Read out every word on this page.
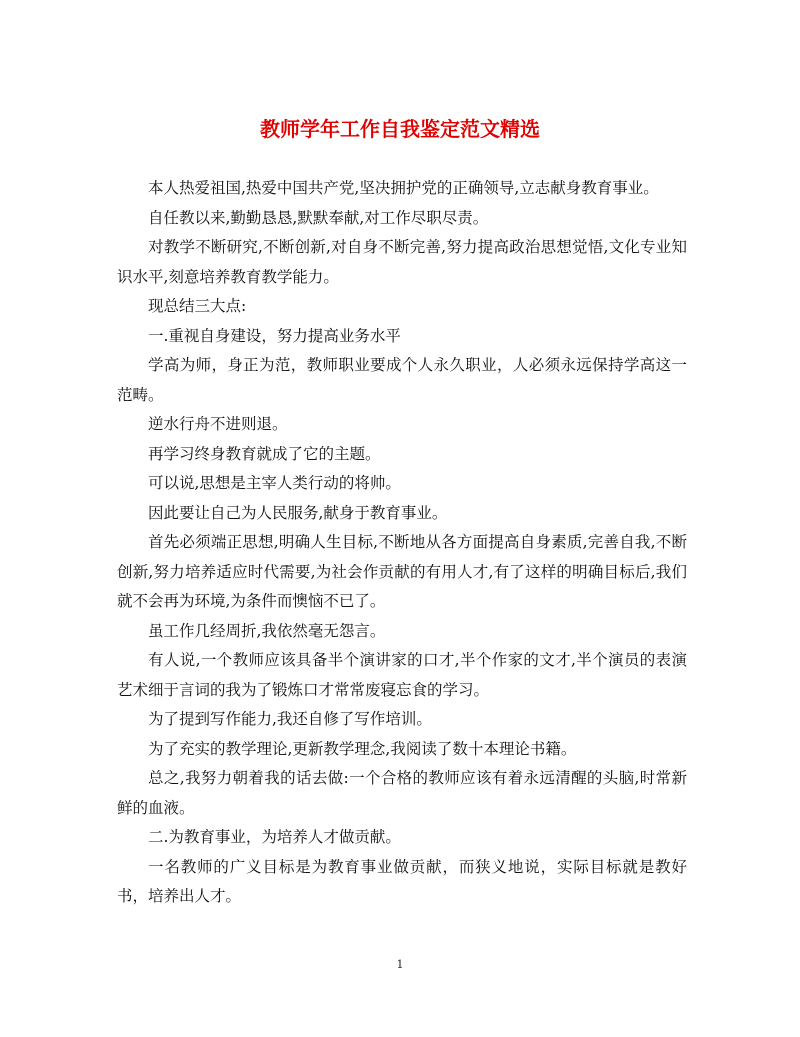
教师学年工作自我鉴定范文精选

本人热爱祖国,热爱中国共产党,坚决拥护党的正确领导,立志献身教育事业。

自任教以来,勤勤恳恳,默默奉献,对工作尽职尽责。

对教学不断研究,不断创新,对自身不断完善,努力提高政治思想觉悟,文化专业知识水平,刻意培养教育教学能力。

现总结三大点:

一.重视自身建设，努力提高业务水平

学高为师，身正为范，教师职业要成个人永久职业，人必须永远保持学高这一范畴。

逆水行舟不进则退。

再学习终身教育就成了它的主题。

可以说,思想是主宰人类行动的将帅。

因此要让自己为人民服务,献身于教育事业。

首先必须端正思想,明确人生目标,不断地从各方面提高自身素质,完善自我,不断创新,努力培养适应时代需要,为社会作贡献的有用人才,有了这样的明确目标后,我们就不会再为环境,为条件而懊恼不已了。

虽工作几经周折,我依然毫无怨言。

有人说,一个教师应该具备半个演讲家的口才,半个作家的文才,半个演员的表演艺术细于言词的我为了锻炼口才常常废寝忘食的学习。

为了提到写作能力,我还自修了写作培训。

为了充实的教学理论,更新教学理念,我阅读了数十本理论书籍。

总之,我努力朝着我的话去做:一个合格的教师应该有着永远清醒的头脑,时常新鲜的血液。

二.为教育事业，为培养人才做贡献。

一名教师的广义目标是为教育事业做贡献，而狭义地说，实际目标就是教好书，培养出人才。

1
